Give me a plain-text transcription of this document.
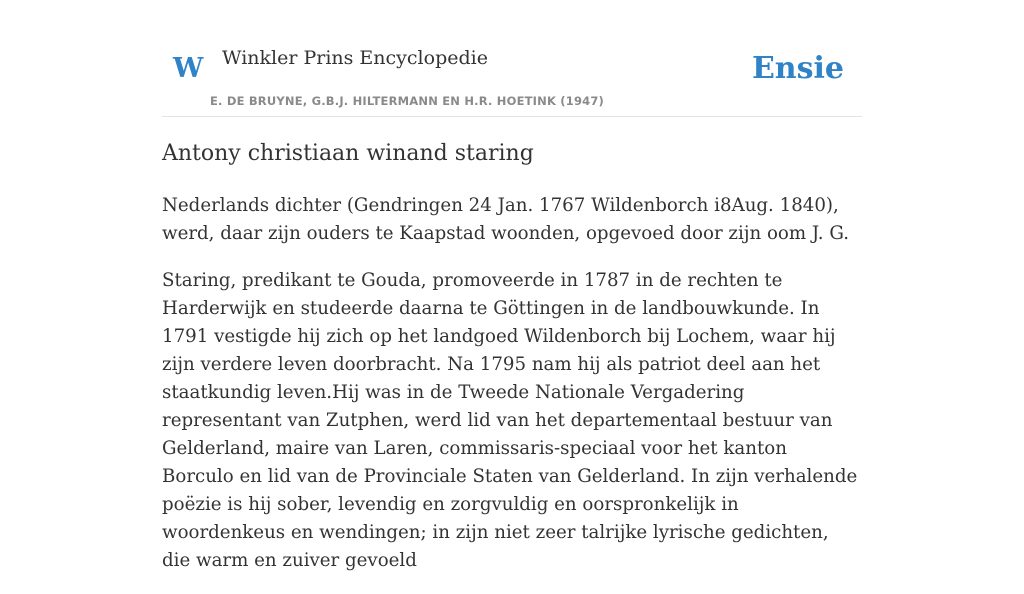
W Winkler Prins Encyclopedie
E. DE BRUYNE, G.B.J. HILTERMANN EN H.R. HOETINK (1947)
Ensie
Antony christiaan winand staring

Nederlands dichter (Gendringen 24 Jan. 1767 Wildenborch i8Aug. 1840), werd, daar zijn ouders te Kaapstad woonden, opgevoed door zijn oom J. G.

Staring, predikant te Gouda, promoveerde in 1787 in de rechten te Harderwijk en studeerde daarna te Göttingen in de landbouwkunde. In 1791 vestigde hij zich op het landgoed Wildenborch bij Lochem, waar hij zijn verdere leven doorbracht. Na 1795 nam hij als patriot deel aan het staatkundig leven.Hij was in de Tweede Nationale Vergadering representant van Zutphen, werd lid van het departementaal bestuur van Gelderland, maire van Laren, commissaris-speciaal voor het kanton Borculo en lid van de Provinciale Staten van Gelderland. In zijn verhalende poëzie is hij sober, levendig en zorgvuldig en oorspronkelijk in woordenkeus en wendingen; in zijn niet zeer talrijke lyrische gedichten, die warm en zuiver gevoeld
